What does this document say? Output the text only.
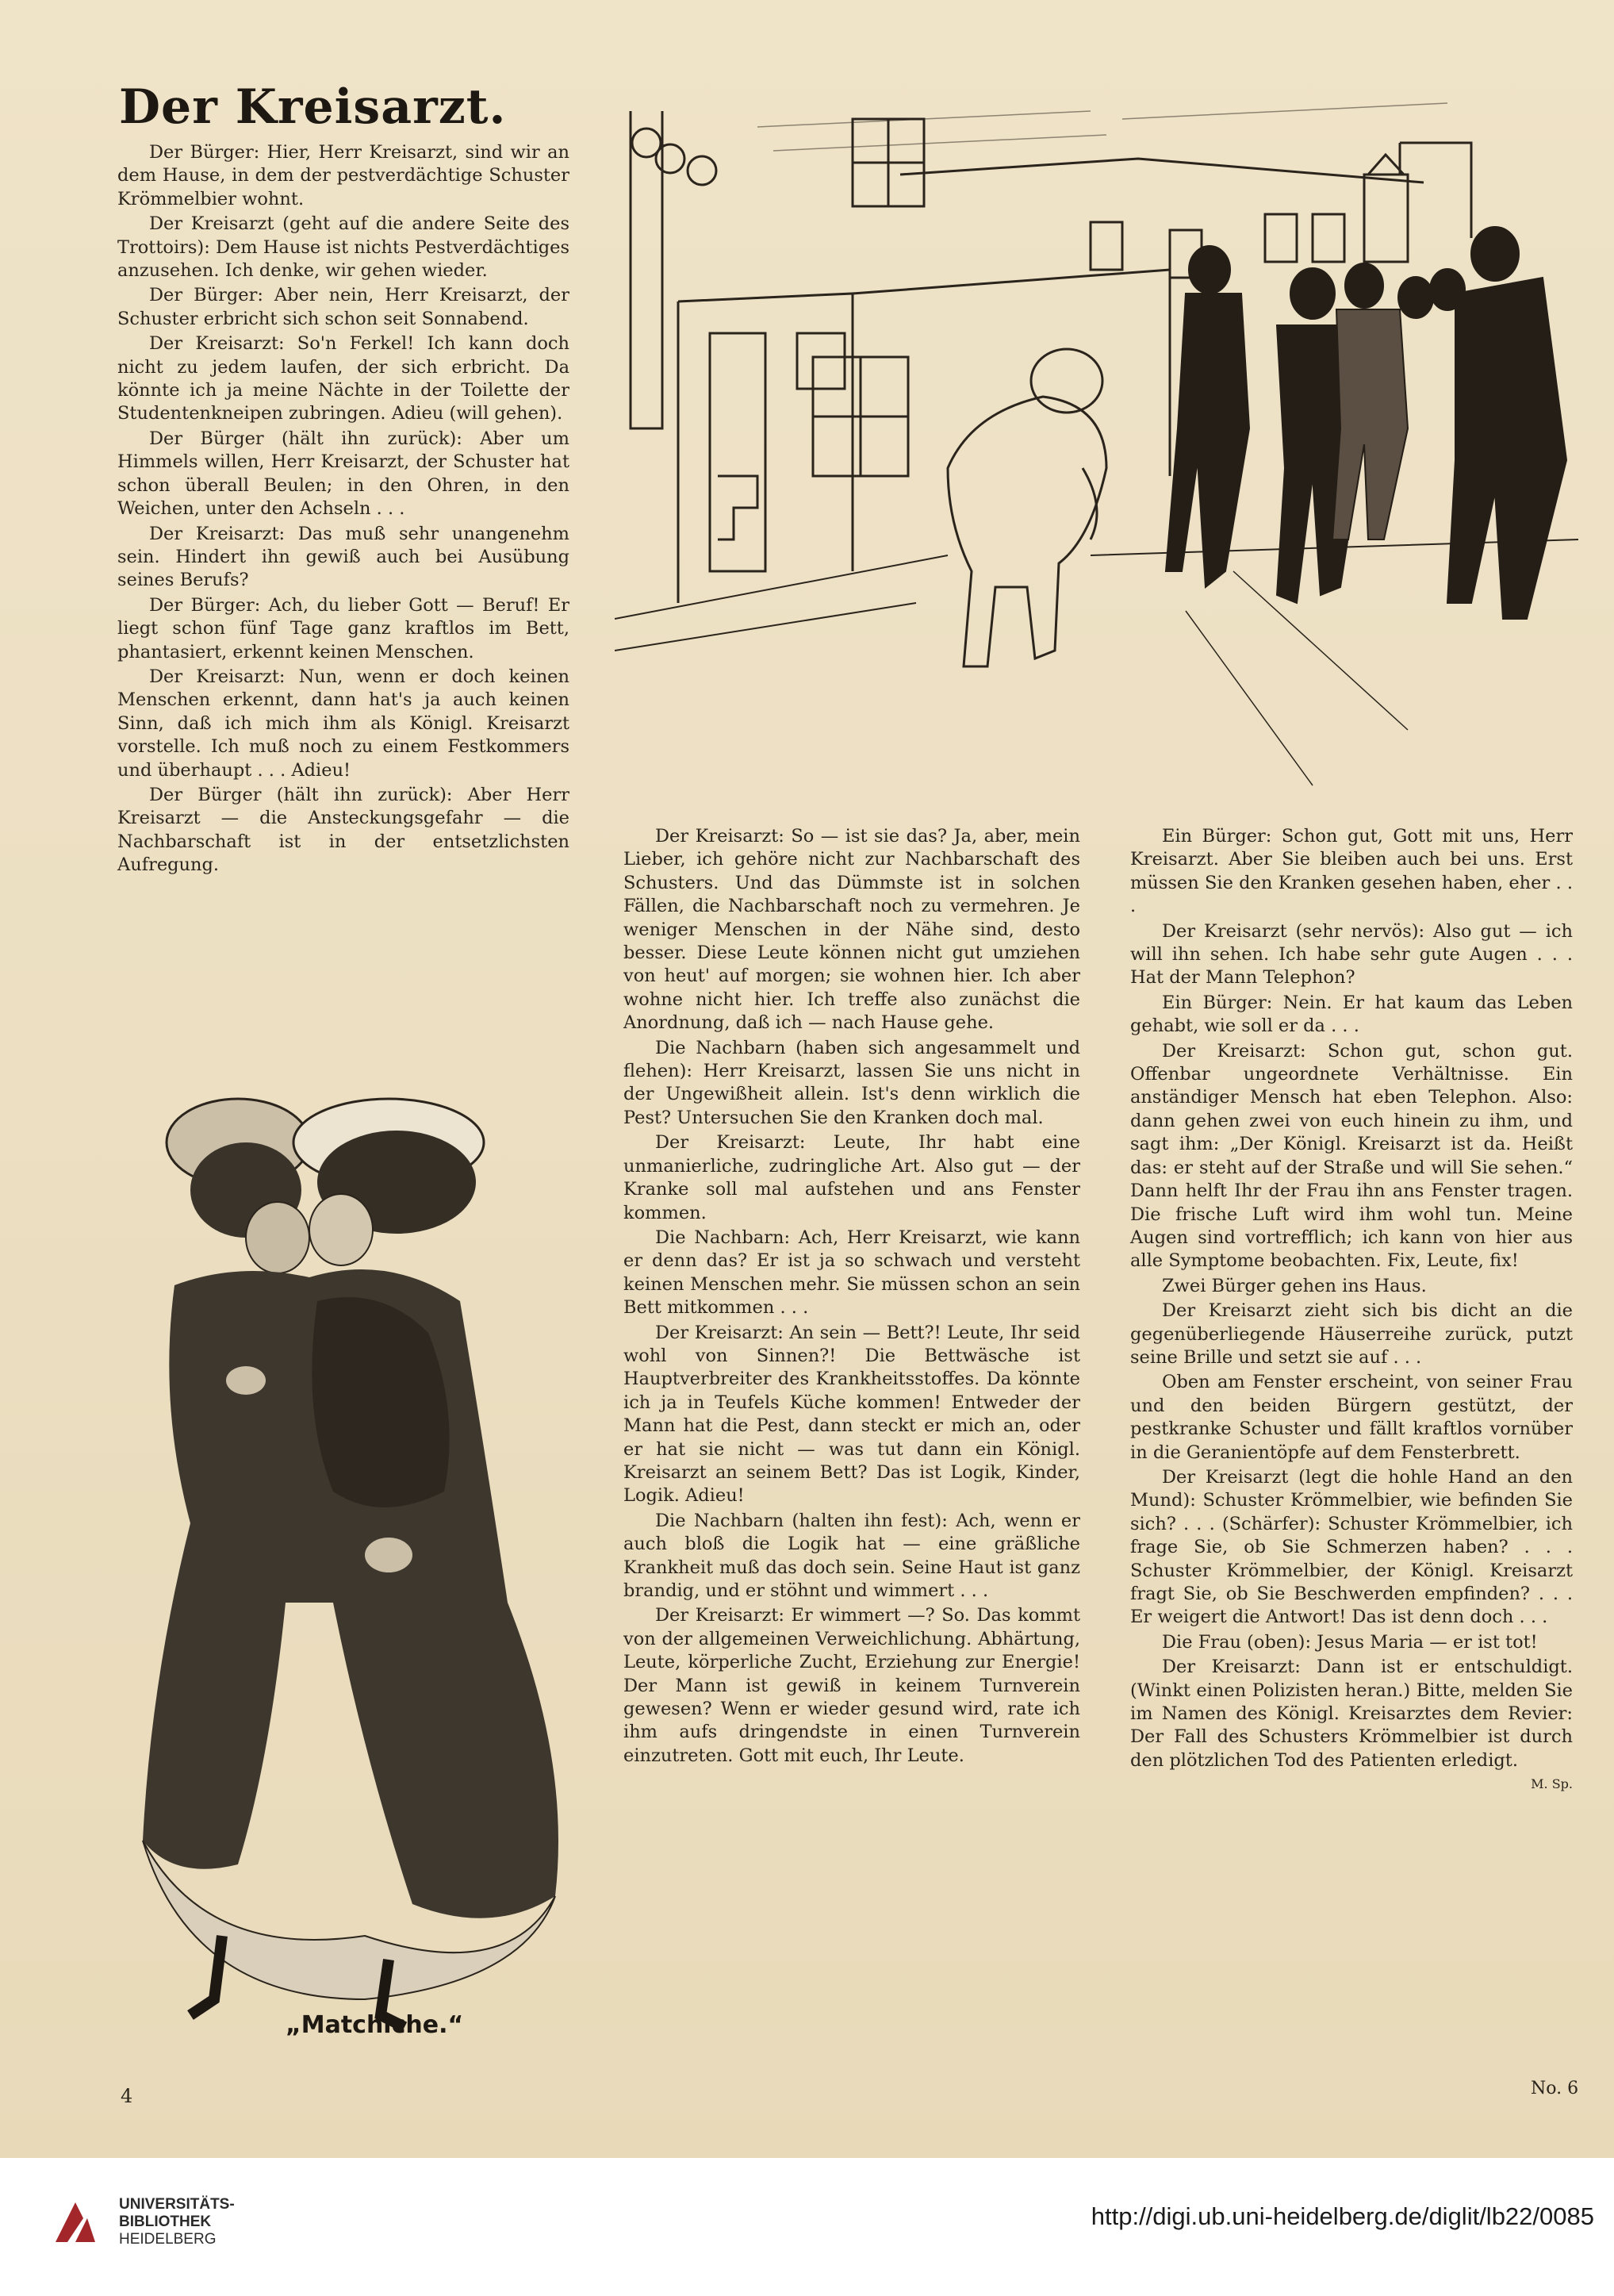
Der Kreisarzt.

Der Bürger: Hier, Herr Kreisarzt, sind wir an dem Hause, in dem der pestverdächtige Schuster Krömmelbier wohnt.

Der Kreisarzt (geht auf die andere Seite des Trottoirs): Dem Hause ist nichts Pestverdächtiges anzusehen. Ich denke, wir gehen wieder.

Der Bürger: Aber nein, Herr Kreisarzt, der Schuster erbricht sich schon seit Sonnabend.

Der Kreisarzt: So'n Ferkel! Ich kann doch nicht zu jedem laufen, der sich erbricht. Da könnte ich ja meine Nächte in der Toilette der Studentenkneipen zubringen. Adieu (will gehen).

Der Bürger (hält ihn zurück): Aber um Himmels willen, Herr Kreisarzt, der Schuster hat schon überall Beulen; in den Ohren, in den Weichen, unter den Achseln . . .

Der Kreisarzt: Das muß sehr unangenehm sein. Hindert ihn gewiß auch bei Ausübung seines Berufs?

Der Bürger: Ach, du lieber Gott — Beruf! Er liegt schon fünf Tage ganz kraftlos im Bett, phantasiert, erkennt keinen Menschen.

Der Kreisarzt: Nun, wenn er doch keinen Menschen erkennt, dann hat's ja auch keinen Sinn, daß ich mich ihm als Königl. Kreisarzt vorstelle. Ich muß noch zu einem Festkommers und überhaupt . . . Adieu!

Der Bürger (hält ihn zurück): Aber Herr Kreisarzt — die Ansteckungsgefahr — die Nachbarschaft ist in der entsetzlichsten Aufregung.

„Matchiche.“

Der Kreisarzt: So — ist sie das? Ja, aber, mein Lieber, ich gehöre nicht zur Nachbarschaft des Schusters. Und das Dümmste ist in solchen Fällen, die Nachbarschaft noch zu vermehren. Je weniger Menschen in der Nähe sind, desto besser. Diese Leute können nicht gut umziehen von heut' auf morgen; sie wohnen hier. Ich aber wohne nicht hier. Ich treffe also zunächst die Anordnung, daß ich — nach Hause gehe.

Die Nachbarn (haben sich angesammelt und flehen): Herr Kreisarzt, lassen Sie uns nicht in der Ungewißheit allein. Ist's denn wirklich die Pest? Untersuchen Sie den Kranken doch mal.

Der Kreisarzt: Leute, Ihr habt eine unmanierliche, zudringliche Art. Also gut — der Kranke soll mal aufstehen und ans Fenster kommen.

Die Nachbarn: Ach, Herr Kreisarzt, wie kann er denn das? Er ist ja so schwach und versteht keinen Menschen mehr. Sie müssen schon an sein Bett mitkommen . . .

Der Kreisarzt: An sein — Bett?! Leute, Ihr seid wohl von Sinnen?! Die Bettwäsche ist Hauptverbreiter des Krankheitsstoffes. Da könnte ich ja in Teufels Küche kommen! Entweder der Mann hat die Pest, dann steckt er mich an, oder er hat sie nicht — was tut dann ein Königl. Kreisarzt an seinem Bett? Das ist Logik, Kinder, Logik. Adieu!

Die Nachbarn (halten ihn fest): Ach, wenn er auch bloß die Logik hat — eine gräßliche Krankheit muß das doch sein. Seine Haut ist ganz brandig, und er stöhnt und wimmert . . .

Der Kreisarzt: Er wimmert —? So. Das kommt von der allgemeinen Verweichlichung. Abhärtung, Leute, körperliche Zucht, Erziehung zur Energie! Der Mann ist gewiß in keinem Turnverein gewesen? Wenn er wieder gesund wird, rate ich ihm aufs dringendste in einen Turnverein einzutreten. Gott mit euch, Ihr Leute.

Ein Bürger: Schon gut, Gott mit uns, Herr Kreisarzt. Aber Sie bleiben auch bei uns. Erst müssen Sie den Kranken gesehen haben, eher . . .

Der Kreisarzt (sehr nervös): Also gut — ich will ihn sehen. Ich habe sehr gute Augen . . . Hat der Mann Telephon?

Ein Bürger: Nein. Er hat kaum das Leben gehabt, wie soll er da . . .

Der Kreisarzt: Schon gut, schon gut. Offenbar ungeordnete Verhältnisse. Ein anständiger Mensch hat eben Telephon. Also: dann gehen zwei von euch hinein zu ihm, und sagt ihm: „Der Königl. Kreisarzt ist da. Heißt das: er steht auf der Straße und will Sie sehen.“ Dann helft Ihr der Frau ihn ans Fenster tragen. Die frische Luft wird ihm wohl tun. Meine Augen sind vortrefflich; ich kann von hier aus alle Symptome beobachten. Fix, Leute, fix!

Zwei Bürger gehen ins Haus.

Der Kreisarzt zieht sich bis dicht an die gegenüberliegende Häuserreihe zurück, putzt seine Brille und setzt sie auf . . .

Oben am Fenster erscheint, von seiner Frau und den beiden Bürgern gestützt, der pestkranke Schuster und fällt kraftlos vornüber in die Geranientöpfe auf dem Fensterbrett.

Der Kreisarzt (legt die hohle Hand an den Mund): Schuster Krömmelbier, wie befinden Sie sich? . . . (Schärfer): Schuster Krömmelbier, ich frage Sie, ob Sie Schmerzen haben? . . . Schuster Krömmelbier, der Königl. Kreisarzt fragt Sie, ob Sie Beschwerden empfinden? . . . Er weigert die Antwort! Das ist denn doch . . .

Die Frau (oben): Jesus Maria — er ist tot!

Der Kreisarzt: Dann ist er entschuldigt. (Winkt einen Polizisten heran.) Bitte, melden Sie im Namen des Königl. Kreisarztes dem Revier: Der Fall des Schusters Krömmelbier ist durch den plötzlichen Tod des Patienten erledigt.
M. Sp.

4	No. 6
UNIVERSITÄTS-
BIBLIOTHEK
HEIDELBERG
http://digi.ub.uni-heidelberg.de/diglit/lb22/0085
